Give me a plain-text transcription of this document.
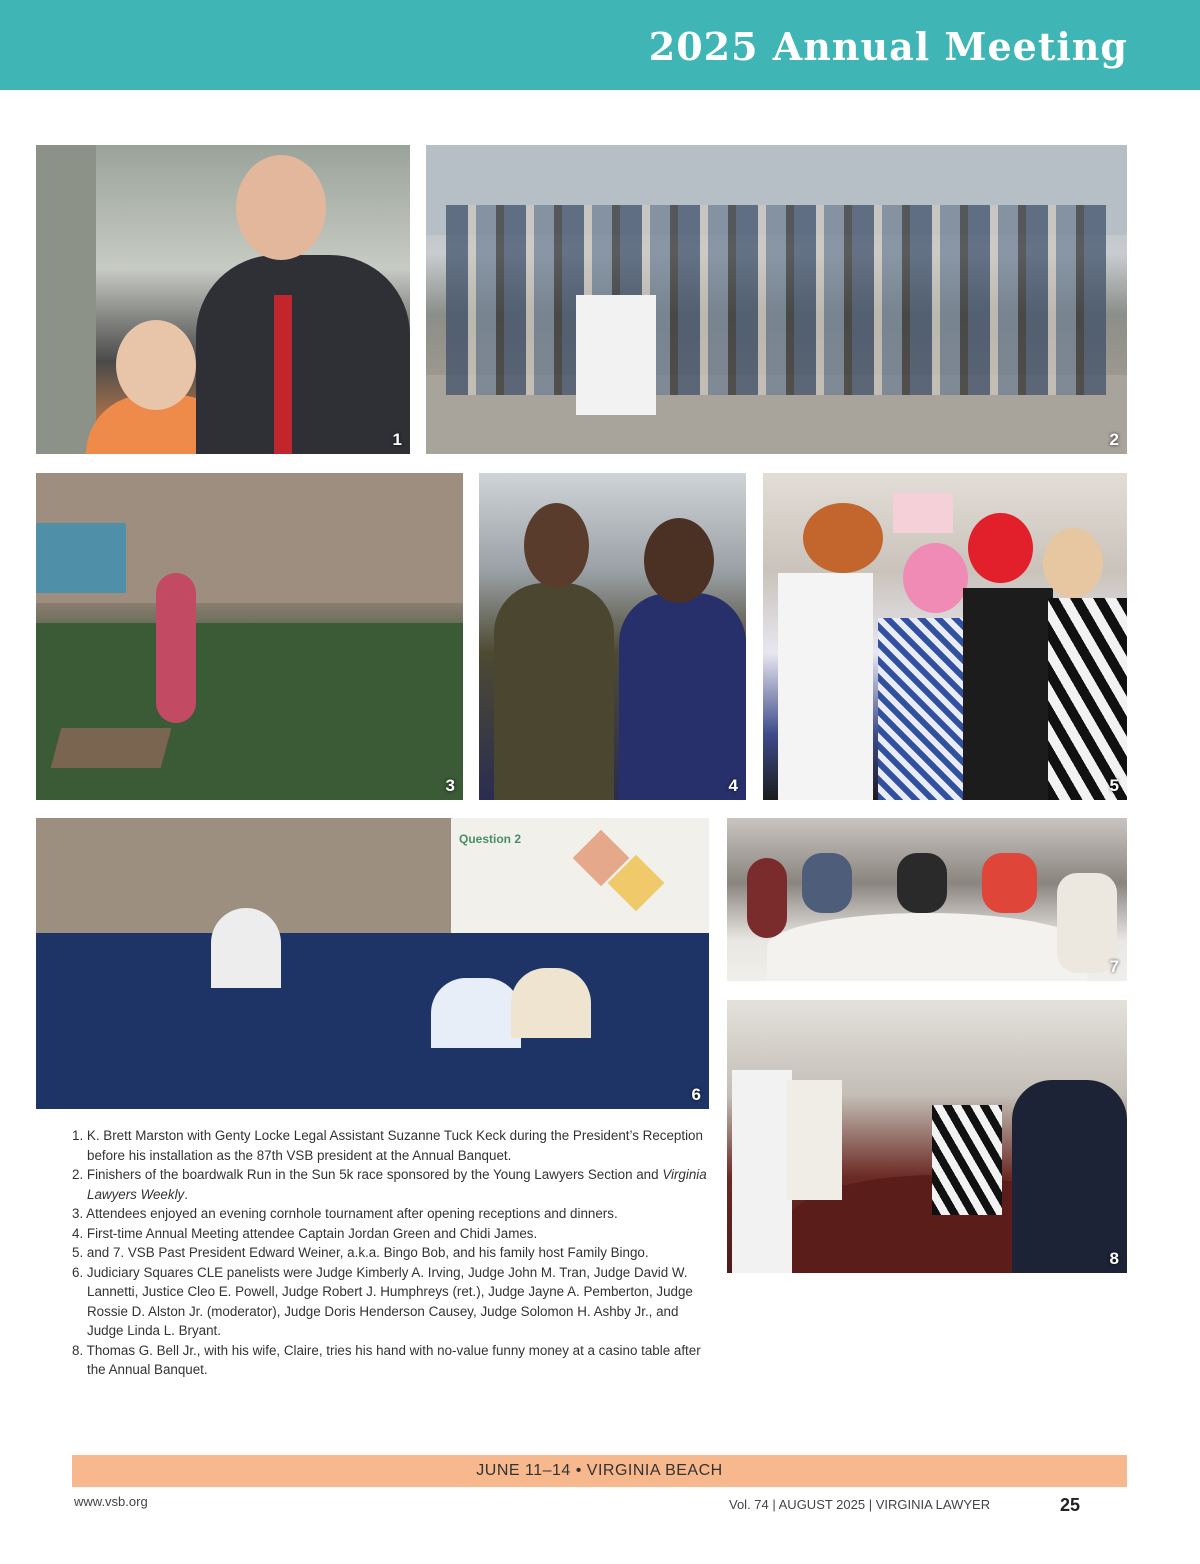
2025 Annual Meeting
1	2
3	4	5
Question 2
6
7
8
1. K. Brett Marston with Genty Locke Legal Assistant Suzanne Tuck Keck during the President’s Reception before his installation as the 87th VSB president at the Annual Banquet.
2. Finishers of the boardwalk Run in the Sun 5k race sponsored by the Young Lawyers Section and Virginia Lawyers Weekly.
3. Attendees enjoyed an evening cornhole tournament after opening receptions and dinners.
4. First-time Annual Meeting attendee Captain Jordan Green and Chidi James.
5. and 7. VSB Past President Edward Weiner, a.k.a. Bingo Bob, and his family host Family Bingo.
6. Judiciary Squares CLE panelists were Judge Kimberly A. Irving, Judge John M. Tran, Judge David W. Lannetti, Justice Cleo E. Powell, Judge Robert J. Humphreys (ret.), Judge Jayne A. Pemberton, Judge Rossie D. Alston Jr. (moderator), Judge Doris Henderson Causey, Judge Solomon H. Ashby Jr., and Judge Linda L. Bryant.
8. Thomas G. Bell Jr., with his wife, Claire, tries his hand with no-value funny money at a casino table after the Annual Banquet.
JUNE 11–14 • VIRGINIA BEACH
www.vsb.org	Vol. 74 | AUGUST 2025 | VIRGINIA LAWYER	25
